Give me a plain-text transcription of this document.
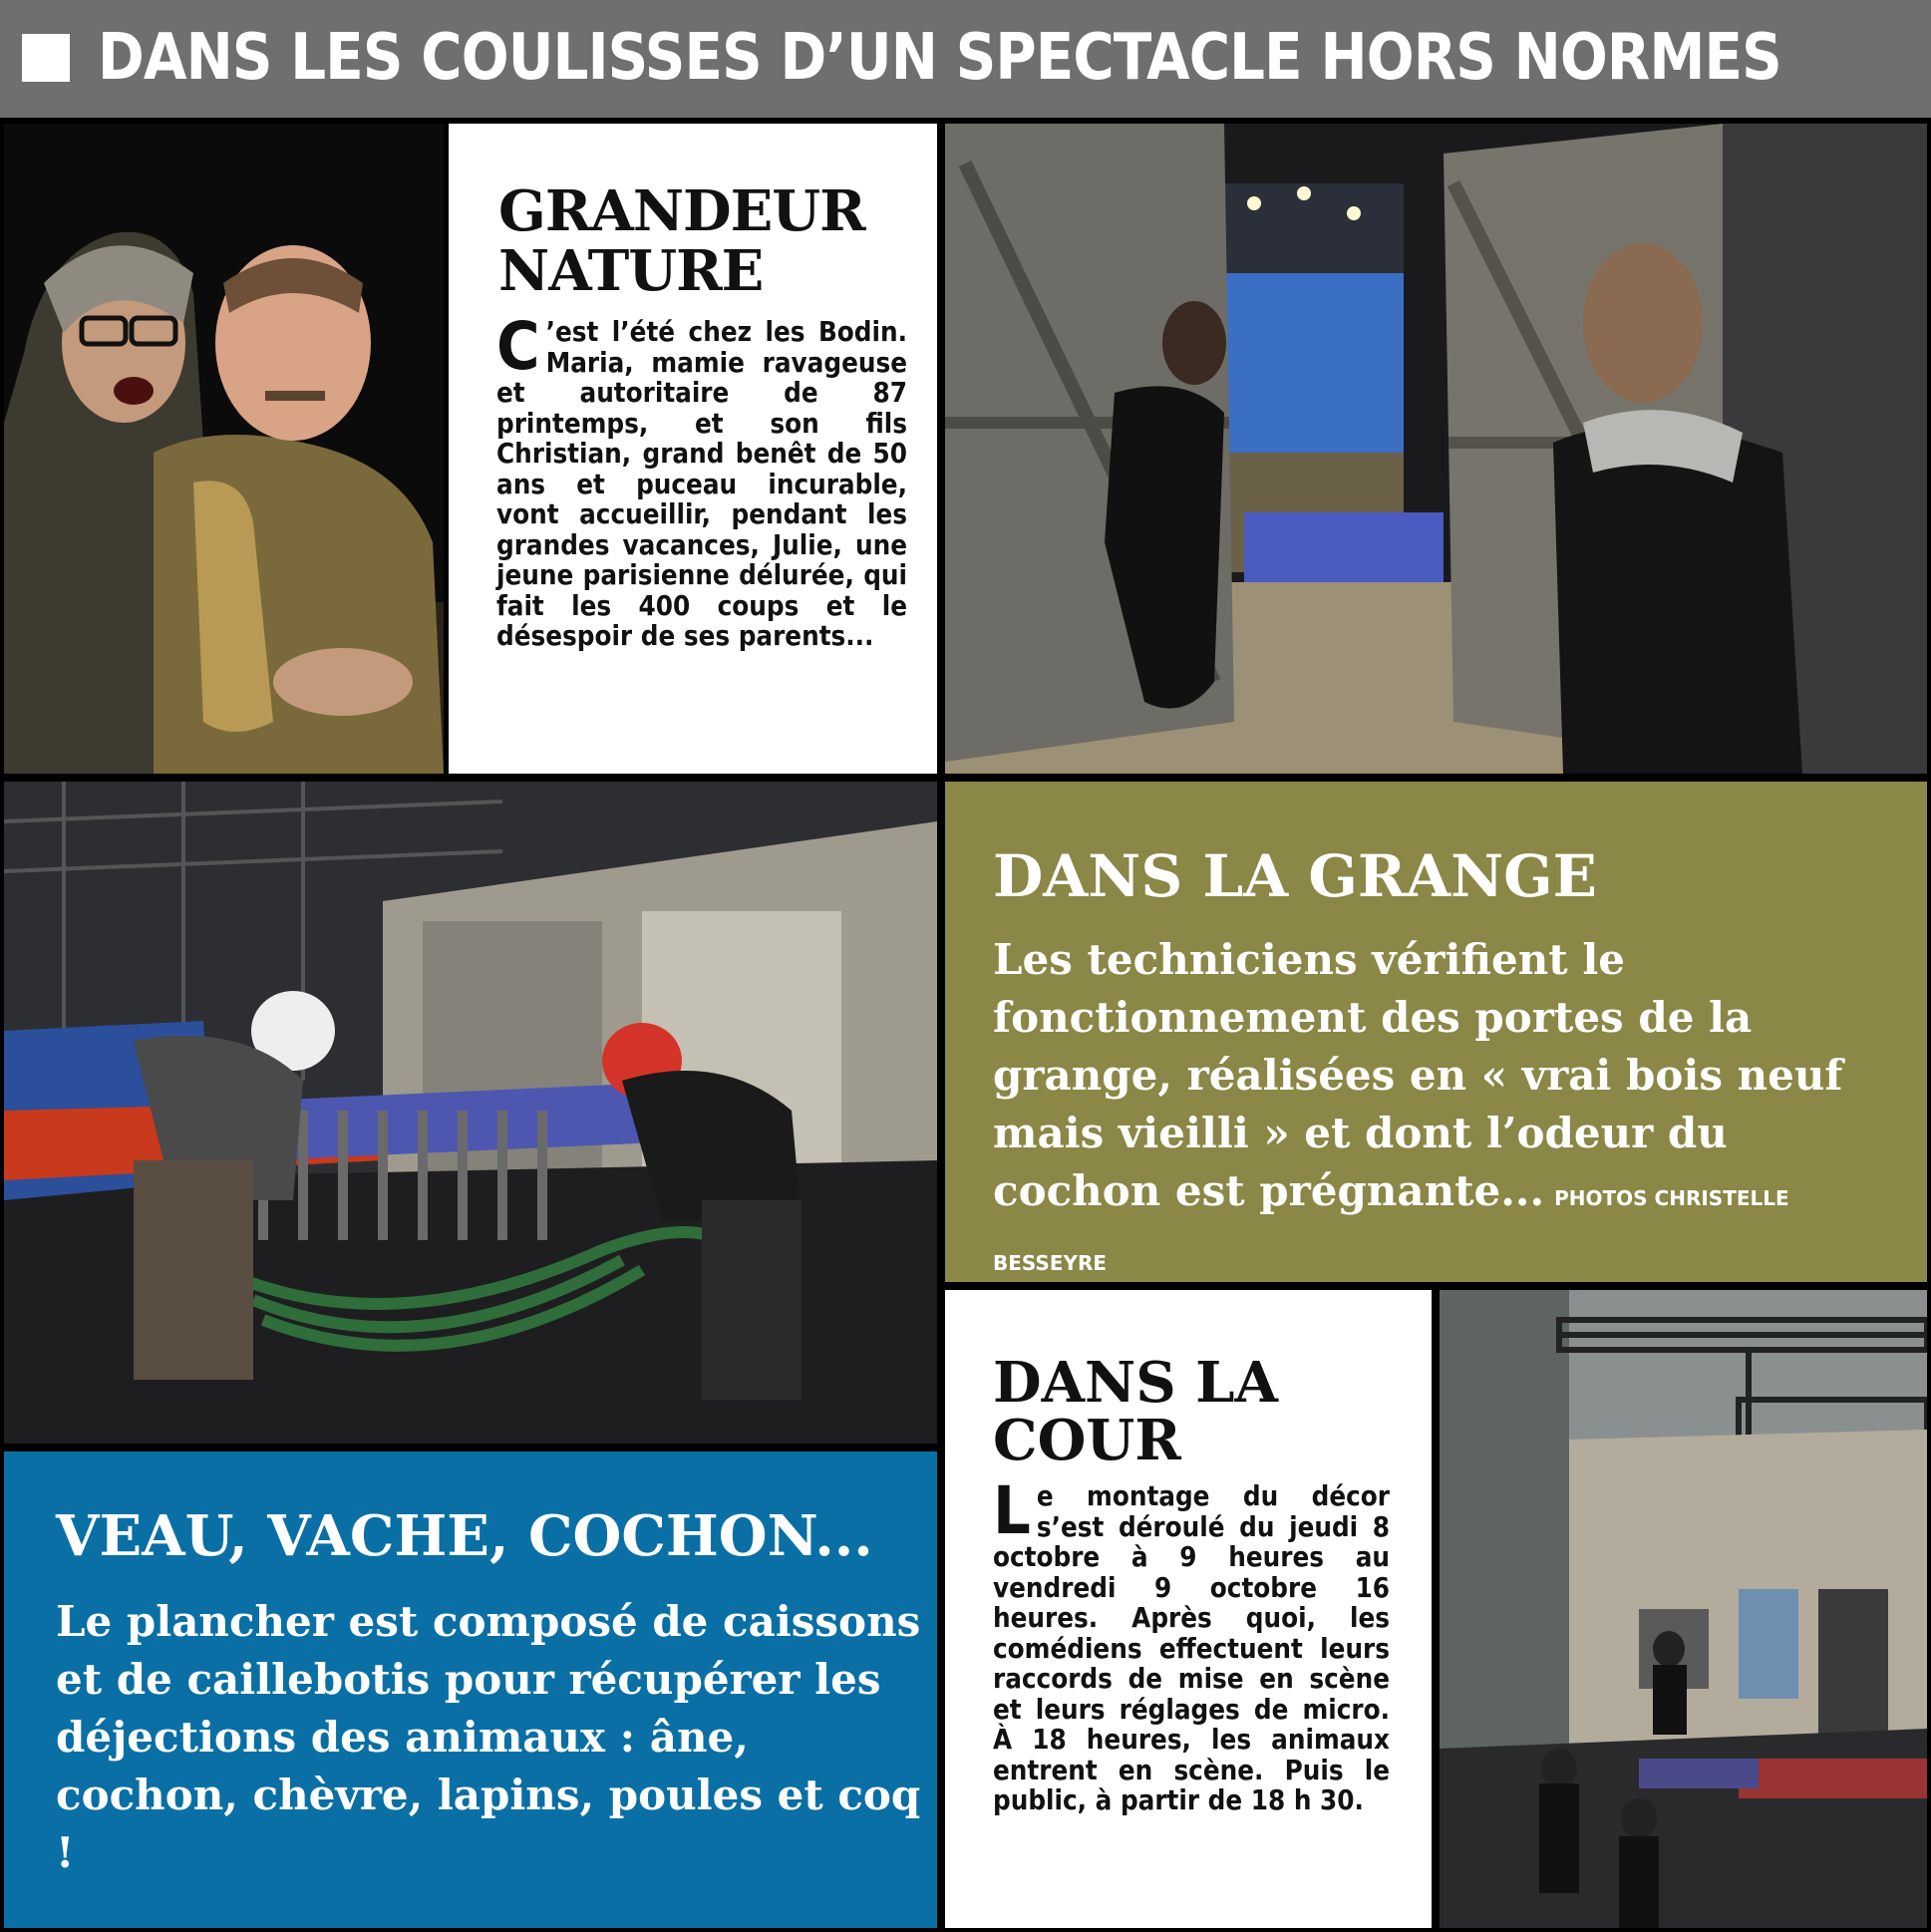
DANS LES COULISSES D’UN SPECTACLE HORS NORMES
GRANDEUR
NATURE
C ’est l’été chez les Bodin. Maria, mamie ravageuse et autoritaire de 87 printemps, et son fils Christian, grand benêt de 50 ans et puceau incurable, vont accueillir, pendant les grandes vacances, Julie, une jeune parisienne délurée, qui fait les 400 coups et le désespoir de ses parents...
DANS LA GRANGE
Les techniciens vérifient le fonctionnement des portes de la grange, réalisées en « vrai bois neuf mais vieilli » et dont l’odeur du cochon est prégnante... PHOTOS CHRISTELLE BESSEYRE
VEAU, VACHE, COCHON...
Le plancher est composé de caissons et de caillebotis pour récupérer les déjections des animaux : âne, cochon, chèvre, lapins, poules et coq !
DANS LA
COUR
Le montage du décor s’est déroulé du jeudi 8 octobre à 9 heures au vendredi 9 octobre 16 heures. Après quoi, les comédiens effectuent leurs raccords de mise en scène et leurs réglages de micro. À 18 heures, les animaux entrent en scène. Puis le public, à partir de 18 h 30.
